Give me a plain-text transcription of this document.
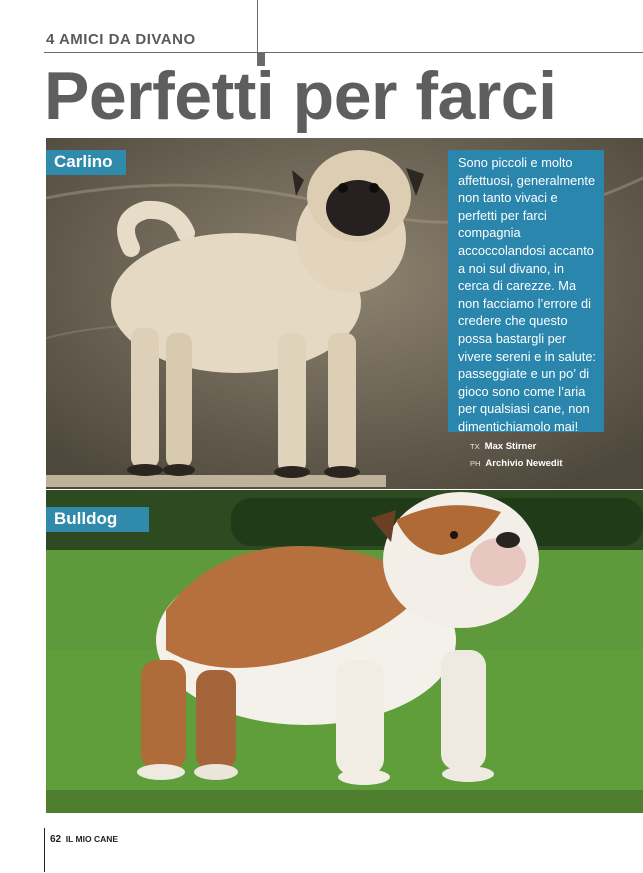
4 AMICI DA DIVANO
Perfetti per farci
Carlino
Bulldog

Sono piccoli e molto affettuosi, generalmente non tanto vivaci e perfetti per farci compagnia accoccolandosi accanto a noi sul divano, in cerca di carezze. Ma non facciamo l’errore di credere che questo possa bastargli per vivere sereni e in salute: passeggiate e un po’ di gioco sono come l’aria per qualsiasi cane, non dimentichiamolo mai!

TX Max Stirner
PH Archivio Newedit
62 IL MIO CANE
